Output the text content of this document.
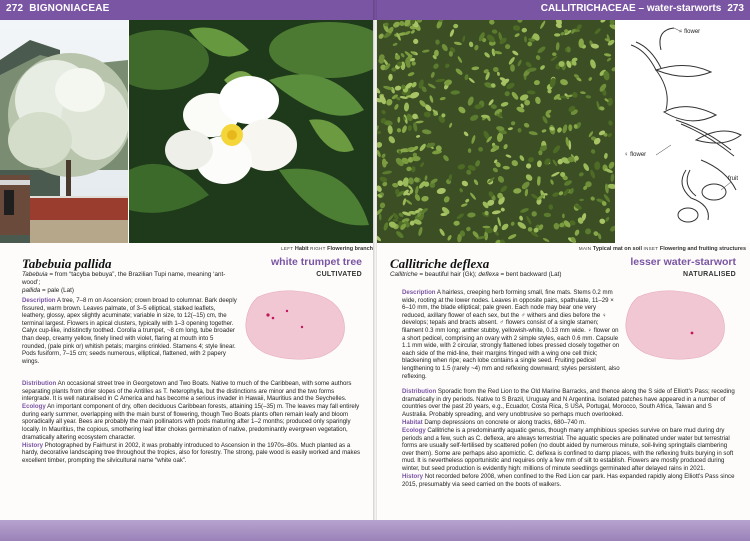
272 BIGNONIACEAE	CALLITRICHACEAE – water-starworts 273
LEFT Habit RIGHT Flowering branch
♂ flower
♀ flower
fruit
MAIN Typical mat on soil INSET Flowering and fruiting structures
Tabebuia pallida	white trumpet tree
CULTIVATED
Tabebuia = from “tacyba bebuya”, the Brazilian Tupi name, meaning ‘ant-wood’;
pallida = pale (Lat)

Description A tree, 7–8 m on Ascension; crown broad to columnar. Bark deeply fissured, warm brown. Leaves palmate, of 3–5 elliptical, stalked leaflets, leathery, glossy, apex slightly acuminate; variable in size, to 12(–15) cm, the terminal largest. Flowers in apical clusters, typically with 1–3 opening together. Calyx cup-like, indistinctly toothed. Corolla a trumpet, ~8 cm long, tube broader than deep, creamy yellow, finely lined with violet, flaring at mouth into 5 rounded, (pale pink or) whitish petals; margins crinkled. Stamens 4; style linear. Pods fusiform, 7–15 cm; seeds numerous, elliptical, flattened, with 2 papery wings.

Distribution An occasional street tree in Georgetown and Two Boats. Native to much of the Caribbean, with some authors separating plants from drier slopes of the Antilles as T. heterophylla, but the distinctions are minor and the two forms intergrade. It is well naturalised in C America and has become a serious invader in Hawaii, Mauritius and the Seychelles.

Ecology An important component of dry, often deciduous Caribbean forests, attaining 15(–35) m. The leaves may fall entirely during early summer, overlapping with the main burst of flowering, though Two Boats plants often remain leafy and bloom sporadically all year. Bees are probably the main pollinators with pods maturing after 1–2 months; produced only sparingly locally. In Mauritius, the copious, smothering leaf litter chokes germination of native, predominantly evergreen vegetation, dramatically altering ecosystem character.

History Photographed by Fairhurst in 2002, it was probably introduced to Ascension in the 1970s–80s. Much planted as a hardy, decorative landscaping tree throughout the tropics, also for forestry. The strong, pale wood is easily worked and makes excellent timber, prompting the silvicultural name “white oak”.

Callitriche deflexa	lesser water-starwort
NATURALISED
Callitriche = beautiful hair (Gk); deflexa = bent backward (Lat)

Description A hairless, creeping herb forming small, fine mats. Stems 0.2 mm wide, rooting at the lower nodes. Leaves in opposite pairs, spathulate, 11–29 × 6–10 mm, the blade elliptical; pale green. Each node may bear one very reduced, axillary flower of each sex, but the ♂ withers and dies before the ♀ develops; tepals and bracts absent. ♂ flowers consist of a single stamen; filament 0.3 mm long; anther stubby, yellowish-white, 0.13 mm wide. ♀ flower on a short pedicel, comprising an ovary with 2 simple styles, each 0.6 mm. Capsule 1.1 mm wide, with 2 circular, strongly flattened lobes pressed closely together on each side of the mid-line, their margins fringed with a wing one cell thick; blackening when ripe; each lobe contains a single seed. Fruiting pedicel lengthening to 1.5 (rarely ~4) mm and reflexing downward; styles persistent, also reflexing.

Distribution Sporadic from the Red Lion to the Old Marine Barracks, and thence along the S side of Elliott's Pass; receding dramatically in dry periods. Native to S Brazil, Uruguay and N Argentina. Isolated patches have appeared in a number of countries over the past 20 years, e.g., Ecuador, Costa Rica, S USA, Portugal, Morocco, South Africa, Taiwan and S Australia. Probably spreading, and very unobtrusive so perhaps much overlooked.

Habitat Damp depressions on concrete or along tracks, 680–740 m.

Ecology Callitriche is a predominantly aquatic genus, though many amphibious species survive on bare mud during dry periods and a few, such as C. deflexa, are always terrestrial. The aquatic species are pollinated under water but terrestrial forms are usually self-fertilised by scattered pollen (no doubt aided by numerous minute, soil-living springtails clambering over them). Some are perhaps also apomictic. C. deflexa is confined to damp places, with the reflexing fruits burying in soft mud. It is nevertheless opportunistic and requires only a few mm of silt to establish. Flowers are mostly produced during winter, but seed production is evidently high: millions of minute seedlings germinated after delayed rains in 2021.

History Not recorded before 2008, when confined to the Red Lion car park. Has expanded rapidly along Elliott's Pass since 2015, presumably via seed carried on the boots of walkers.
